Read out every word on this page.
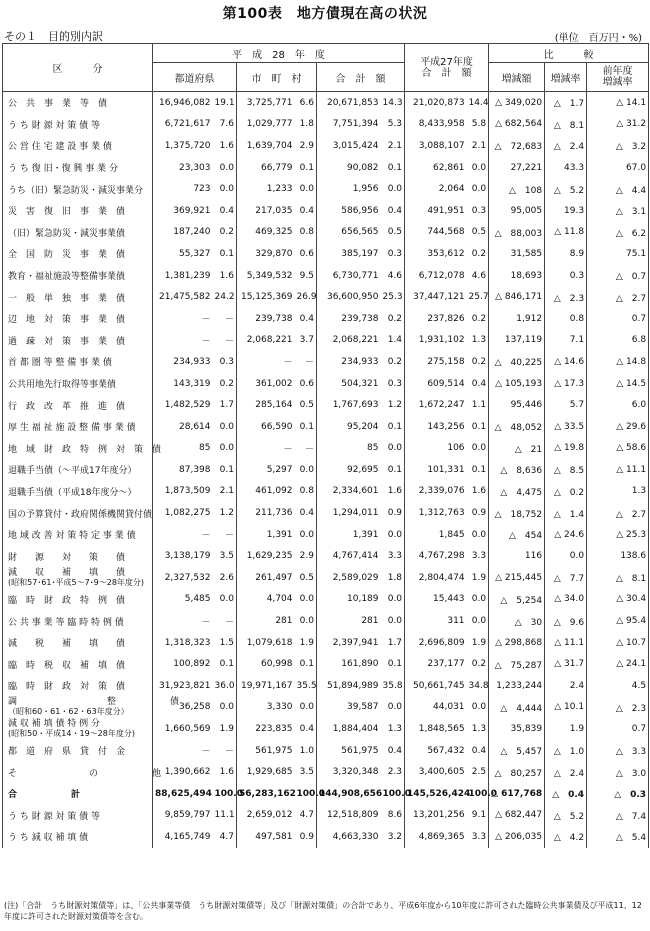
第100表　地方債現在高の状況
その１　目的別内訳	(単位　百万円・%)
区　　　分	平　成　28　年　度						平成27年度
合　計　額		比　　　較		
	都道府県		市　町　村		合　計　額				増減額	増減率	前年度
増減率
公　共　事　業　等　債	16,946,082	19.1	3,725,771	6.6	20,671,853	14.3	21,020,873	14.4	△ 349,020	△　1.7	△ 14.1
う ち 財 源 対 策 債 等	6,721,617	7.6	1,029,777	1.8	7,751,394	5.3	8,433,958	5.8	△ 682,564	△　8.1	△ 31.2
公 営 住 宅 建 設 事 業 債	1,375,720	1.6	1,639,704	2.9	3,015,424	2.1	3,088,107	2.1	△　72,683	△　2.4	△　3.2
う ち 復 旧・復 興 事 業 分	23,303	0.0	66,779	0.1	90,082	0.1	62,861	0.0	27,221	43.3	67.0
うち（旧）緊急防災・減災事業分	723	0.0	1,233	0.0	1,956	0.0	2,064	0.0	△　108	△　5.2	△　4.4
災　害　復　旧　事　業　債	369,921	0.4	217,035	0.4	586,956	0.4	491,951	0.3	95,005	19.3	△　3.1
（旧）緊急防災・減災事業債	187,240	0.2	469,325	0.8	656,565	0.5	744,568	0.5	△　88,003	△ 11.8	△　6.2
全　国　防　災　事　業　債	55,327	0.1	329,870	0.6	385,197	0.3	353,612	0.2	31,585	8.9	75.1
教育・福祉施設等整備事業債	1,381,239	1.6	5,349,532	9.5	6,730,771	4.6	6,712,078	4.6	18,693	0.3	△　0.7
一　般　単　独　事　業　債	21,475,582	24.2	15,125,369	26.9	36,600,950	25.3	37,447,121	25.7	△ 846,171	△　2.3	△　2.7
辺　地　対　策　事　業　債	－	－	239,738	0.4	239,738	0.2	237,826	0.2	1,912	0.8	0.7
過　疎　対　策　事　業　債	－	－	2,068,221	3.7	2,068,221	1.4	1,931,102	1.3	137,119	7.1	6.8
首 都 圏 等 整 備 事 業 債	234,933	0.3	－	－	234,933	0.2	275,158	0.2	△　40,225	△ 14.6	△ 14.8
公共用地先行取得等事業債	143,319	0.2	361,002	0.6	504,321	0.3	609,514	0.4	△ 105,193	△ 17.3	△ 14.5
行　政　改　革　推　進　債	1,482,529	1.7	285,164	0.5	1,767,693	1.2	1,672,247	1.1	95,446	5.7	6.0
厚 生 福 祉 施 設 整 備 事 業 債	28,614	0.0	66,590	0.1	95,204	0.1	143,256	0.1	△　48,052	△ 33.5	△ 29.6
地　域　財　政　特　例　対　策　債	85	0.0	－	－	85	0.0	106	0.0	△　21	△ 19.8	△ 58.6
退職手当債（～平成17年度分）	87,398	0.1	5,297	0.0	92,695	0.1	101,331	0.1	△　8,636	△　8.5	△ 11.1
退職手当債（平成18年度分～）	1,873,509	2.1	461,092	0.8	2,334,601	1.6	2,339,076	1.6	△　4,475	△　0.2	1.3
国の予算貸付・政府関係機関貸付債	1,082,275	1.2	211,736	0.4	1,294,011	0.9	1,312,763	0.9	△　18,752	△　1.4	△　2.7
地 域 改 善 対 策 特 定 事 業 債	－	－	1,391	0.0	1,391	0.0	1,845	0.0	△　454	△ 24.6	△ 25.3
財　　源　　対　　策　　債	3,138,179	3.5	1,629,235	2.9	4,767,414	3.3	4,767,298	3.3	116	0.0	138.6
減　　収　　補　　填　　債
(昭和57･61･平成5～7･9～28年度分)	2,327,532	2.6	261,497	0.5	2,589,029	1.8	2,804,474	1.9	△ 215,445	△　7.7	△　8.1
臨　時　財　政　特　例　債	5,485	0.0	4,704	0.0	10,189	0.0	15,443	0.0	△　5,254	△ 34.0	△ 30.4
公 共 事 業 等 臨 時 特 例 債	－	－	281	0.0	281	0.0	311	0.0	△　30	△　9.6	△ 95.4
減　　税　　補　　填　　債	1,318,323	1.5	1,079,618	1.9	2,397,941	1.7	2,696,809	1.9	△ 298,868	△ 11.1	△ 10.7
臨　時　税　収　補　填　債	100,892	0.1	60,998	0.1	161,890	0.1	237,177	0.2	△　75,287	△ 31.7	△ 24.1
臨　時　財　政　対　策　債	31,923,821	36.0	19,971,167	35.5	51,894,989	35.8	50,661,745	34.8	1,233,244	2.4	4.5
調　　　　　　　　　　整　　　　　　債
（昭和60・61・62・63年度分）	36,258	0.0	3,330	0.0	39,587	0.0	44,031	0.0	△　4,444	△ 10.1	△　2.3
減 収 補 填 債 特 例 分
(昭和50・平成14・19～28年度分)	1,660,569	1.9	223,835	0.4	1,884,404	1.3	1,848,565	1.3	35,839	1.9	0.7
都　道　府　県　貸　付　金	－	－	561,975	1.0	561,975	0.4	567,432	0.4	△　5,457	△　1.0	△　3.3
そ　　　　　　　　の　　　　　　他	1,390,662	1.6	1,929,685	3.5	3,320,348	2.3	3,400,605	2.5	△　80,257	△　2.4	△　3.0
合　　計	88,625,494	100.0	56,283,162	100.0	144,908,656	100.0	145,526,424	100.0	△ 617,768	△　0.4	△　0.3
う ち 財 源 対 策 債 等	9,859,797	11.1	2,659,012	4.7	12,518,809	8.6	13,201,256	9.1	△ 682,447	△　5.2	△　7.4
う ち 減 収 補 填 債	4,165,749	4.7	497,581	0.9	4,663,330	3.2	4,869,365	3.3	△ 206,035	△　4.2	△　5.4
(注)「合計　うち財源対策債等」は、「公共事業等債　うち財源対策債等」及び「財源対策債」の合計であり、平成6年度から10年度に許可された臨時公共事業債及び平成11、12年度に許可された財源対策債等を含む。
